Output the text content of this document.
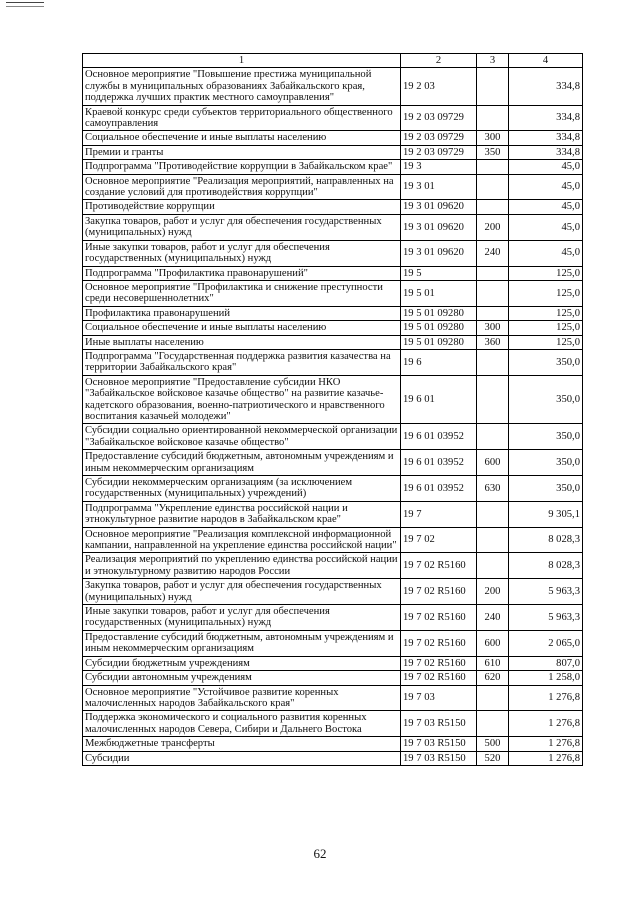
1	2	3	4
Основное мероприятие "Повышение престижа муниципальной службы в муниципальных образованиях Забайкальского края, поддержка лучших практик местного самоуправления"	19 2 03		334,8
Краевой конкурс среди субъектов территориального общественного самоуправления	19 2 03 09729		334,8
Социальное обеспечение и иные выплаты населению	19 2 03 09729	300	334,8
Премии и гранты	19 2 03 09729	350	334,8
Подпрограмма "Противодействие коррупции в Забайкальском крае"	19 3		45,0
Основное мероприятие "Реализация мероприятий, направленных на создание условий для противодействия коррупции"	19 3 01		45,0
Противодействие коррупции	19 3 01 09620		45,0
Закупка товаров, работ и услуг для обеспечения государственных (муниципальных) нужд	19 3 01 09620	200	45,0
Иные закупки товаров, работ и услуг для обеспечения государственных (муниципальных) нужд	19 3 01 09620	240	45,0
Подпрограмма "Профилактика правонарушений"	19 5		125,0
Основное мероприятие "Профилактика и снижение преступности среди несовершеннолетних"	19 5 01		125,0
Профилактика правонарушений	19 5 01 09280		125,0
Социальное обеспечение и иные выплаты населению	19 5 01 09280	300	125,0
Иные выплаты населению	19 5 01 09280	360	125,0
Подпрограмма "Государственная поддержка развития казачества на территории Забайкальского края"	19 6		350,0
Основное мероприятие "Предоставление субсидии НКО "Забайкальское войсковое казачье общество" на развитие казачье-кадетского образования, военно-патриотического и нравственного воспитания казачьей молодежи"	19 6 01		350,0
Субсидии социально ориентированной некоммерческой организации "Забайкальское войсковое казачье общество"	19 6 01 03952		350,0
Предоставление субсидий бюджетным, автономным учреждениям и иным некоммерческим организациям	19 6 01 03952	600	350,0
Субсидии некоммерческим организациям (за исключением государственных (муниципальных) учреждений)	19 6 01 03952	630	350,0
Подпрограмма "Укрепление единства российской нации и этнокультурное развитие народов в Забайкальском крае"	19 7		9 305,1
Основное мероприятие "Реализация комплексной информационной кампании, направленной на укрепление единства российской нации"	19 7 02		8 028,3
Реализация мероприятий по укреплению единства российской нации и этнокультурному развитию народов России	19 7 02 R5160		8 028,3
Закупка товаров, работ и услуг для обеспечения государственных (муниципальных) нужд	19 7 02 R5160	200	5 963,3
Иные закупки товаров, работ и услуг для обеспечения государственных (муниципальных) нужд	19 7 02 R5160	240	5 963,3
Предоставление субсидий бюджетным, автономным учреждениям и иным некоммерческим организациям	19 7 02 R5160	600	2 065,0
Субсидии бюджетным учреждениям	19 7 02 R5160	610	807,0
Субсидии автономным учреждениям	19 7 02 R5160	620	1 258,0
Основное мероприятие "Устойчивое развитие коренных малочисленных народов Забайкальского края"	19 7 03		1 276,8
Поддержка экономического и социального развития коренных малочисленных народов Севера, Сибири и Дальнего Востока	19 7 03 R5150		1 276,8
Межбюджетные трансферты	19 7 03 R5150	500	1 276,8
Субсидии	19 7 03 R5150	520	1 276,8
62
